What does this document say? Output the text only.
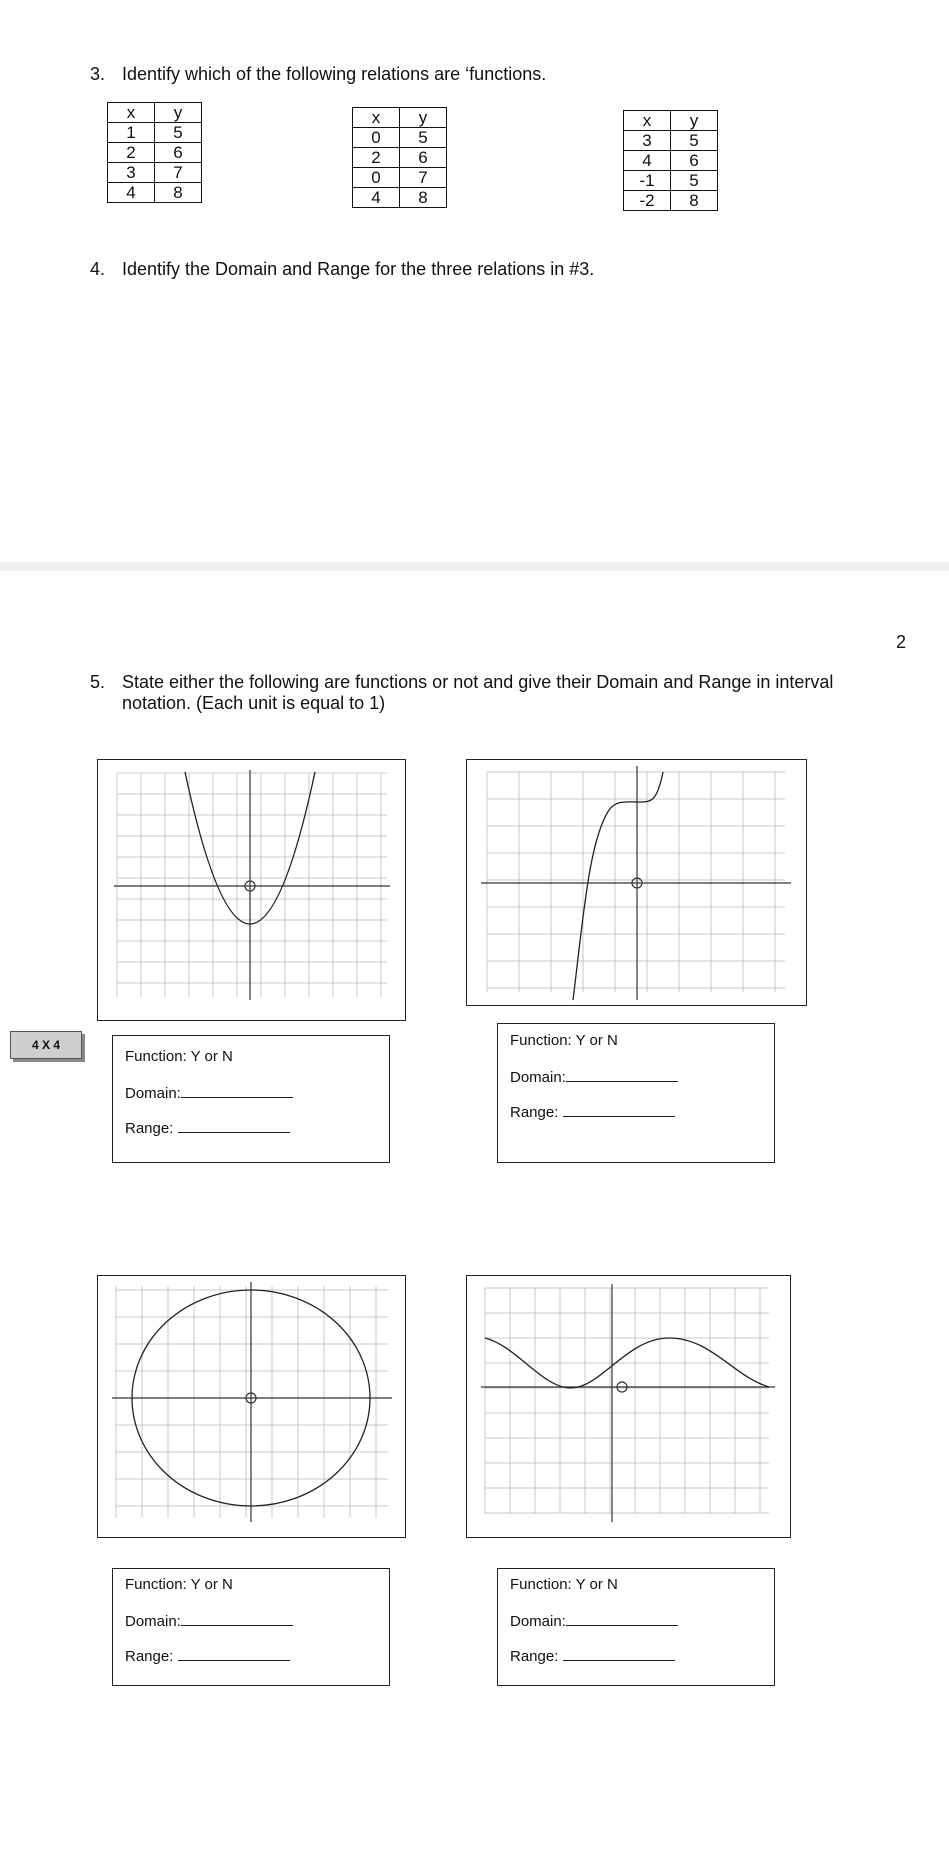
3. Identify which of the following relations are ‘functions.
x	y
1	5
2	6
3	7
4	8
x	y
0	5
2	6
0	7
4	8
x	y
3	5
4	6
-1	5
-2	8
4. Identify the Domain and Range for the three relations in #3.
2
5. State either the following are functions or not and give their Domain and Range in interval
notation. (Each unit is equal to 1)
4 X 4
Function: Y or N
Domain:
Range:
Function: Y or N
Domain:
Range:
Function: Y or N
Domain:
Range:
Function: Y or N
Domain:
Range:
